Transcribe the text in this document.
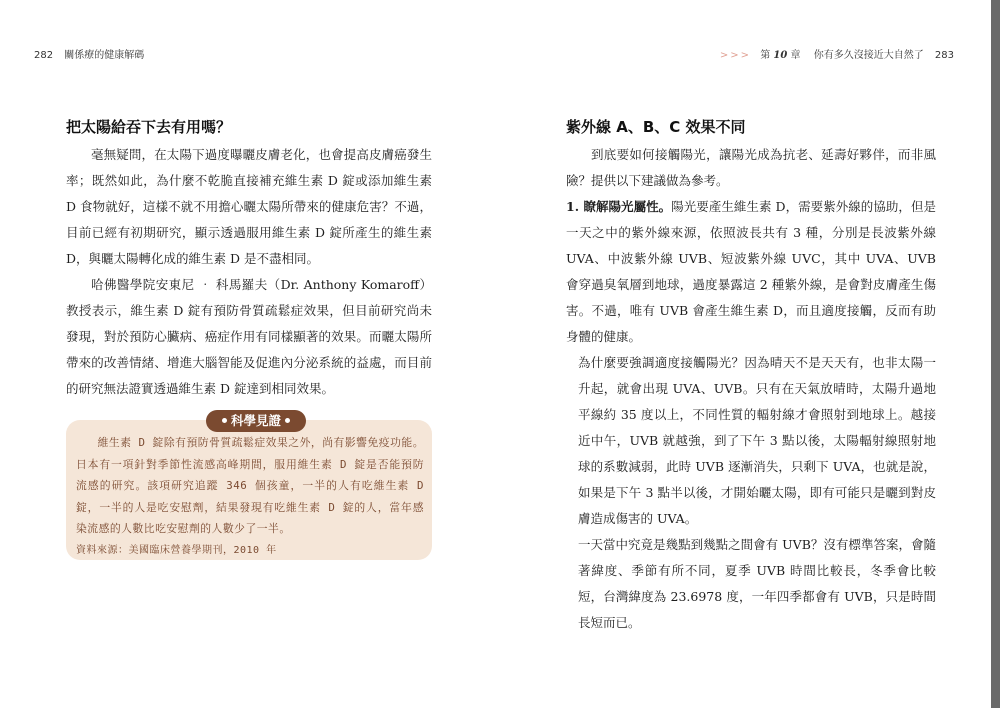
282 關係療的健康解碼	>>> 第 10 章 你有多久沒接近大自然了 283
把太陽給吞下去有用嗎？

毫無疑問，在太陽下過度曝曬皮膚老化，也會提高皮膚癌發生率；既然如此，為什麼不乾脆直接補充維生素 D 錠或添加維生素 D 食物就好，這樣不就不用擔心曬太陽所帶來的健康危害？不過，目前已經有初期研究，顯示透過服用維生素 D 錠所產生的維生素 D，與曬太陽轉化成的維生素 D 是不盡相同。

哈佛醫學院安東尼 ‧ 科馬羅夫（Dr. Anthony Komaroff）教授表示，維生素 D 錠有預防骨質疏鬆症效果，但目前研究尚未發現，對於預防心臟病、癌症作用有同樣顯著的效果。而曬太陽所帶來的改善情緒、增進大腦智能及促進內分泌系統的益處，而目前的研究無法證實透過維生素 D 錠達到相同效果。

科學見證

維生素 D 錠除有預防骨質疏鬆症效果之外，尚有影響免疫功能。日本有一項針對季節性流感高峰期間，服用維生素 D 錠是否能預防流感的研究。該項研究追蹤 346 個孩童，一半的人有吃維生素 D 錠，一半的人是吃安慰劑，結果發現有吃維生素 D 錠的人，當年感染流感的人數比吃安慰劑的人數少了一半。

資料來源：美國臨床營養學期刊，2010 年

紫外線 A、B、C 效果不同

到底要如何接觸陽光，讓陽光成為抗老、延壽好夥伴，而非風險？提供以下建議做為參考。

1. 瞭解陽光屬性。陽光要產生維生素 D，需要紫外線的協助，但是一天之中的紫外線來源，依照波長共有 3 種，分別是長波紫外線 UVA、中波紫外線 UVB、短波紫外線 UVC，其中 UVA、UVB 會穿過臭氧層到地球，過度暴露這 2 種紫外線，是會對皮膚產生傷害。不過，唯有 UVB 會產生維生素 D，而且適度接觸，反而有助身體的健康。

為什麼要強調適度接觸陽光？因為晴天不是天天有，也非太陽一升起，就會出現 UVA、UVB。只有在天氣放晴時，太陽升過地平線約 35 度以上，不同性質的輻射線才會照射到地球上。越接近中午，UVB 就越強，到了下午 3 點以後，太陽輻射線照射地球的系數減弱，此時 UVB 逐漸消失，只剩下 UVA，也就是說，如果是下午 3 點半以後，才開始曬太陽，即有可能只是曬到對皮膚造成傷害的 UVA。

一天當中究竟是幾點到幾點之間會有 UVB？沒有標準答案，會隨著緯度、季節有所不同，夏季 UVB 時間比較長，冬季會比較短，台灣緯度為 23.6978 度，一年四季都會有 UVB，只是時間長短而已。
